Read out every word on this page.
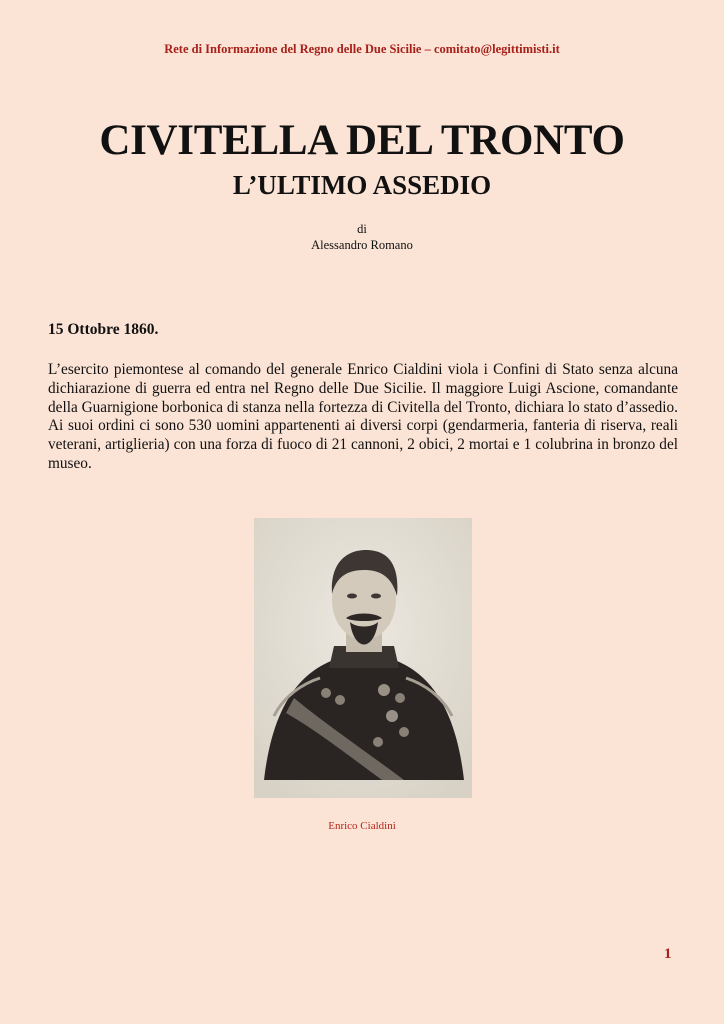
Rete di Informazione del Regno delle Due Sicilie – comitato@legittimisti.it
CIVITELLA DEL TRONTO
L’ULTIMO ASSEDIO
di
Alessandro Romano
15 Ottobre 1860.
L’esercito piemontese al comando del generale Enrico Cialdini viola i Confini di Stato senza alcuna dichiarazione di guerra ed entra nel Regno delle Due Sicilie. Il maggiore Luigi Ascione, comandante della Guarnigione borbonica di stanza nella fortezza di Civitella del Tronto, dichiara lo stato d’assedio. Ai suoi ordini ci sono 530 uomini appartenenti ai diversi corpi (gendarmeria, fanteria di riserva, reali veterani, artiglieria) con una forza di fuoco di 21 cannoni, 2 obici, 2 mortai e 1 colubrina in bronzo del museo.
Enrico Cialdini
1
